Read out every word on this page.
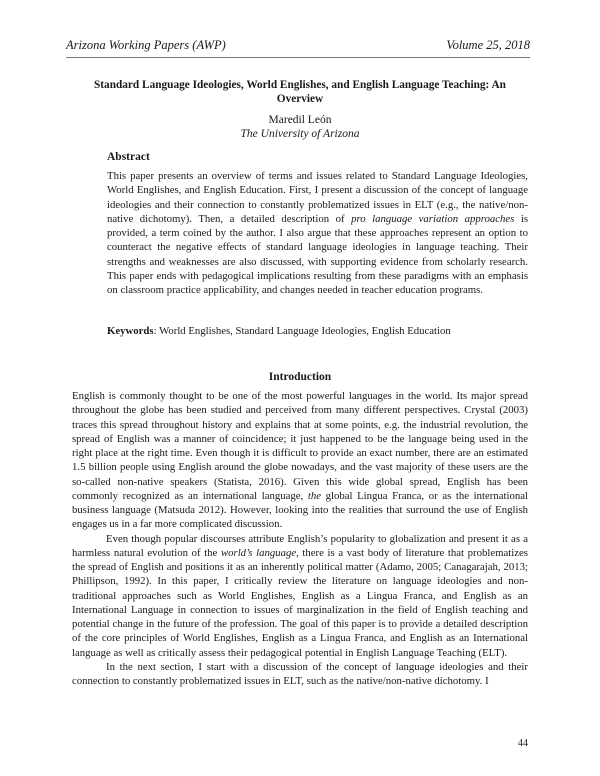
Arizona Working Papers (AWP)	Volume 25, 2018
Standard Language Ideologies, World Englishes, and English Language Teaching: An Overview
Maredil León
The University of Arizona
Abstract

This paper presents an overview of terms and issues related to Standard Language Ideologies, World Englishes, and English Education. First, I present a discussion of the concept of language ideologies and their connection to constantly problematized issues in ELT (e.g., the native/non-native dichotomy). Then, a detailed description of pro language variation approaches is provided, a term coined by the author. I also argue that these approaches represent an option to counteract the negative effects of standard language ideologies in language teaching. Their strengths and weaknesses are also discussed, with supporting evidence from scholarly research. This paper ends with pedagogical implications resulting from these paradigms with an emphasis on classroom practice applicability, and changes needed in teacher education programs.

Keywords: World Englishes, Standard Language Ideologies, English Education
Introduction

English is commonly thought to be one of the most powerful languages in the world. Its major spread throughout the globe has been studied and perceived from many different perspectives. Crystal (2003) traces this spread throughout history and explains that at some points, e.g. the industrial revolution, the spread of English was a manner of coincidence; it just happened to be the language being used in the right place at the right time. Even though it is difficult to provide an exact number, there are an estimated 1.5 billion people using English around the globe nowadays, and the vast majority of these users are the so-called non-native speakers (Statista, 2016). Given this wide global spread, English has been commonly recognized as an international language, the global Lingua Franca, or as the international business language (Matsuda 2012). However, looking into the realities that surround the use of English engages us in a far more complicated discussion.

Even though popular discourses attribute English’s popularity to globalization and present it as a harmless natural evolution of the world’s language, there is a vast body of literature that problematizes the spread of English and positions it as an inherently political matter (Adamo, 2005; Canagarajah, 2013; Phillipson, 1992). In this paper, I critically review the literature on language ideologies and non-traditional approaches such as World Englishes, English as a Lingua Franca, and English as an International Language in connection to issues of marginalization in the field of English teaching and potential change in the future of the profession. The goal of this paper is to provide a detailed description of the core principles of World Englishes, English as a Lingua Franca, and English as an International language as well as critically assess their pedagogical potential in English Language Teaching (ELT).

In the next section, I start with a discussion of the concept of language ideologies and their connection to constantly problematized issues in ELT, such as the native/non-native dichotomy. I

44
